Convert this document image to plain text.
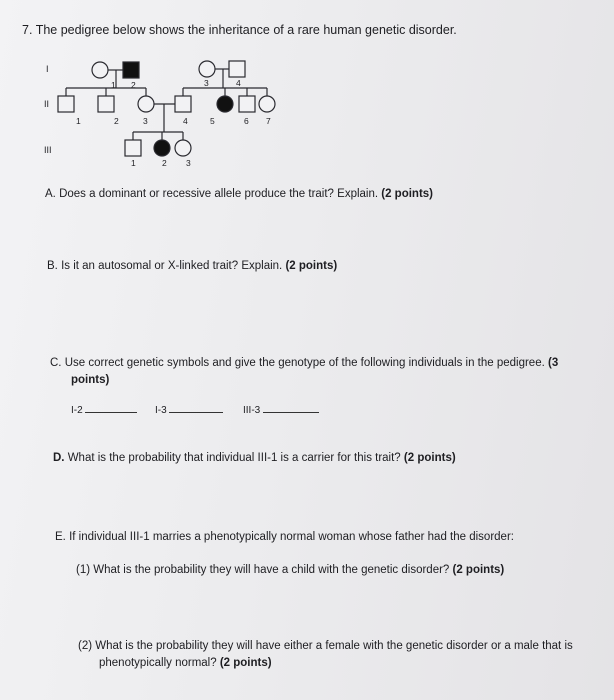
7. The pedigree below shows the inheritance of a rare human genetic disorder.
I
II
III
1 2	3	4
1	2	3	4	5	6 7
1	2 3
A. Does a dominant or recessive allele produce the trait? Explain. (2 points)
B. Is it an autosomal or X-linked trait? Explain. (2 points)
C. Use correct genetic symbols and give the genotype of the following individuals in the pedigree. (3
points)
I-2	I-3	III-3
D. What is the probability that individual III-1 is a carrier for this trait? (2 points)
E. If individual III-1 marries a phenotypically normal woman whose father had the disorder:
(1) What is the probability they will have a child with the genetic disorder? (2 points)
(2) What is the probability they will have either a female with the genetic disorder or a male that is
phenotypically normal? (2 points)
